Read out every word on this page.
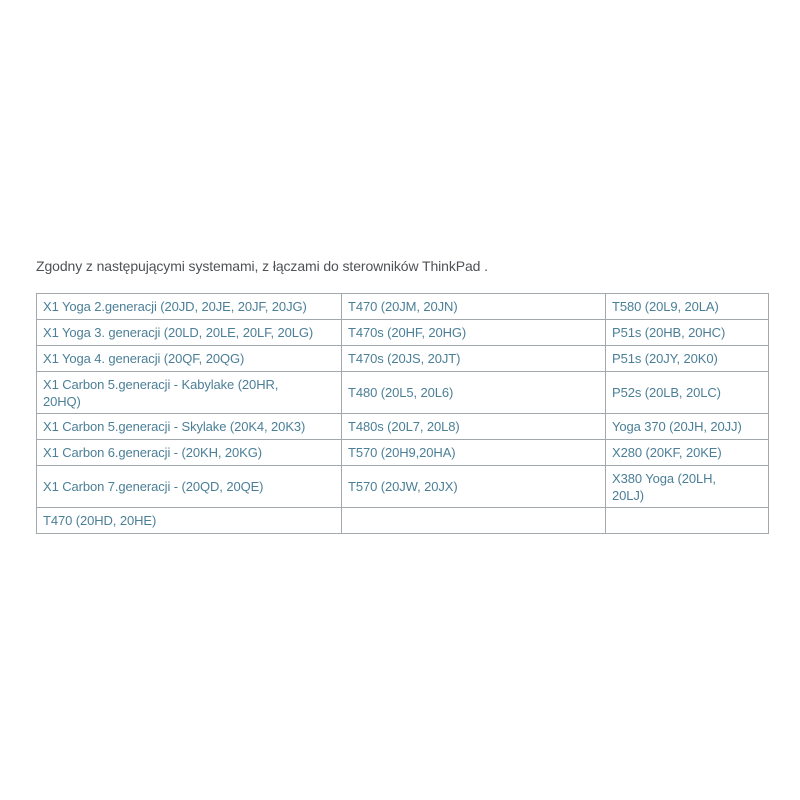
Zgodny z następującymi systemami, z łączami do sterowników ThinkPad .

X1 Yoga 2.generacji (20JD, 20JE, 20JF, 20JG)	T470 (20JM, 20JN)	T580 (20L9, 20LA)
X1 Yoga 3. generacji (20LD, 20LE, 20LF, 20LG)	T470s (20HF, 20HG)	P51s (20HB, 20HC)
X1 Yoga 4. generacji (20QF, 20QG)	T470s (20JS, 20JT)	P51s (20JY, 20K0)
X1 Carbon 5.generacji - Kabylake (20HR, 20HQ)	T480 (20L5, 20L6)	P52s (20LB, 20LC)
X1 Carbon 5.generacji - Skylake (20K4, 20K3)	T480s (20L7, 20L8)	Yoga 370 (20JH, 20JJ)
X1 Carbon 6.generacji - (20KH, 20KG)	T570 (20H9,20HA)	X280 (20KF, 20KE)
X1 Carbon 7.generacji - (20QD, 20QE)	T570 (20JW, 20JX)	X380 Yoga (20LH, 20LJ)
T470 (20HD, 20HE)		
